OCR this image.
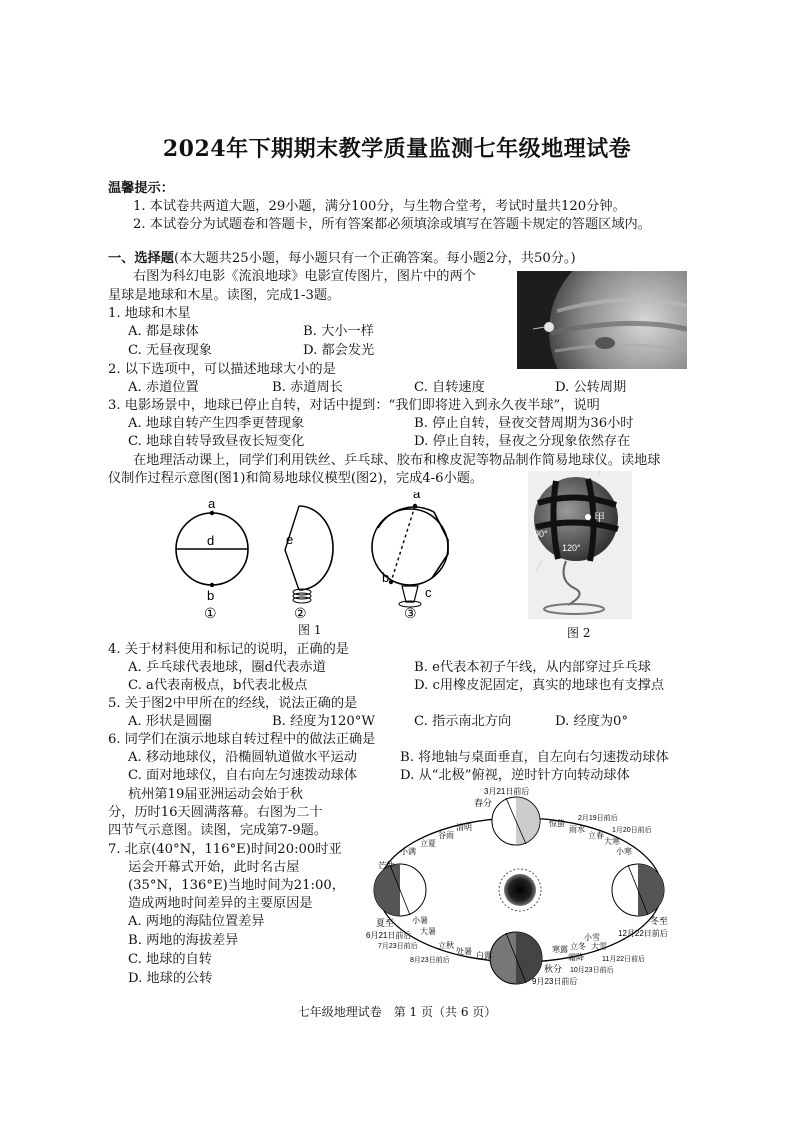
2024年下期期末教学质量监测七年级地理试卷
温馨提示：
1. 本试卷共两道大题，29小题，满分100分，与生物合堂考，考试时量共120分钟。
2. 本试卷分为试题卷和答题卡，所有答案都必须填涂或填写在答题卡规定的答题区域内。
一、选择题(本大题共25小题，每小题只有一个正确答案。每小题2分，共50分。)
右图为科幻电影《流浪地球》电影宣传图片，图片中的两个
星球是地球和木星。读图，完成1-3题。
1. 地球和木星
A. 都是球体	B. 大小一样
C. 无昼夜现象	D. 都会发光
2. 以下选项中，可以描述地球大小的是
A. 赤道位置	B. 赤道周长	C. 自转速度	D. 公转周期
3. 电影场景中，地球已停止自转，对话中提到：“我们即将进入到永久夜半球”，说明
A. 地球自转产生四季更替现象	B. 停止自转，昼夜交替周期为36小时
C. 地球自转导致昼夜长短变化	D. 停止自转，昼夜之分现象依然存在
在地理活动课上，同学们利用铁丝、乒乓球、胶布和橡皮泥等物品制作简易地球仪。读地球
仪制作过程示意图(图1)和简易地球仪模型(图2)，完成4-6小题。
a
d
b
①
e
②
a
b
c
③
图 1
甲
90°
120°
图 2
4. 关于材料使用和标记的说明，正确的是
A. 乒乓球代表地球，圈d代表赤道	B. e代表本初子午线，从内部穿过乒乓球
C. a代表南极点，b代表北极点	D. c用橡皮泥固定，真实的地球也有支撑点
5. 关于图2中甲所在的经线，说法正确的是
A. 形状是圆圈	B. 经度为120°W	C. 指示南北方向	D. 经度为0°
6. 同学们在演示地球自转过程中的做法正确是
A. 移动地球仪，沿椭圆轨道做水平运动	B. 将地轴与桌面垂直，自左向右匀速拨动球体
C. 面对地球仪，自右向左匀速拨动球体	D. 从“北极”俯视，逆时针方向转动球体
杭州第19届亚洲运动会始于秋
分，历时16天圆满落幕。右图为二十
四节气示意图。读图，完成第7-9题。
7. 北京(40°N，116°E)时间20:00时亚
运会开幕式开始，此时名古屋
(35°N，136°E)当地时间为21:00，
造成两地时间差异的主要原因是
A. 两地的海陆位置差异
B. 两地的海拔差异
C. 地球的自转
D. 地球的公转
3月21日前后
春分
夏至
6月21日前后
秋分
9月23日前后
冬至
12月22日前后
清明
谷雨
立夏
小满
芒种
惊蛰
雨水
立春
大寒
小寒
大雪
小雪
立冬
霜降
寒露
白露
处暑
立秋
大暑
小暑
2月19日前后
1月20日前后
11月22日前后
10月23日前后
7月23日前后
8月23日前后
七年级地理试卷　第 1 页（共 6 页）
